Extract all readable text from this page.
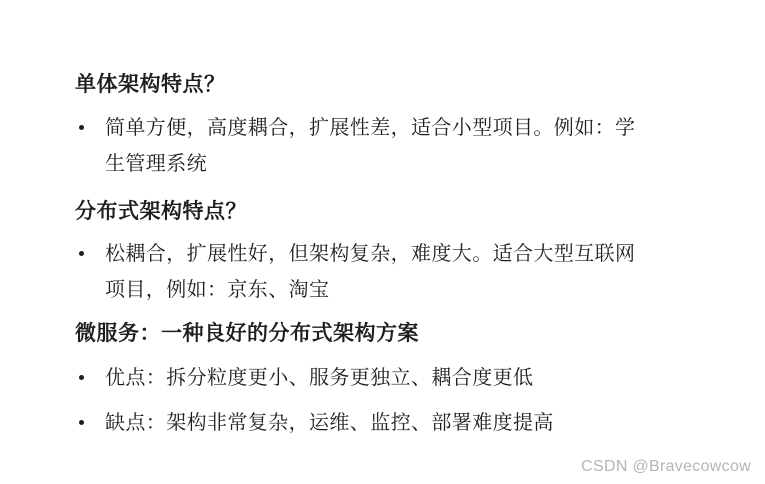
单体架构特点？
简单方便，高度耦合，扩展性差，适合小型项目。例如：学生管理系统
分布式架构特点？
松耦合，扩展性好，但架构复杂，难度大。适合大型互联网项目，例如：京东、淘宝
微服务：一种良好的分布式架构方案
优点：拆分粒度更小、服务更独立、耦合度更低
缺点：架构非常复杂，运维、监控、部署难度提高
CSDN @Bravecowcow
